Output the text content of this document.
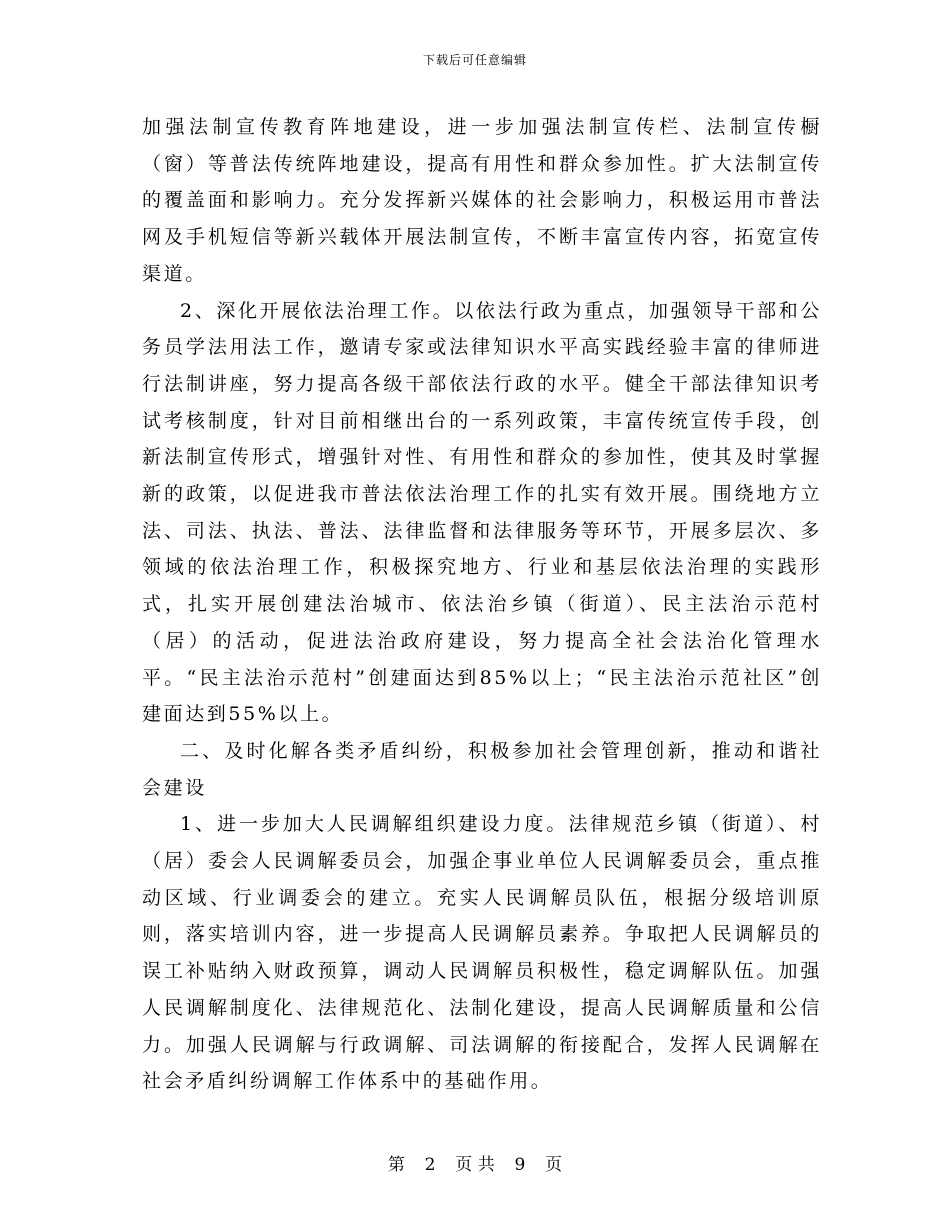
下载后可任意编辑

加强法制宣传教育阵地建设，进一步加强法制宣传栏、法制宣传橱（窗）等普法传统阵地建设，提高有用性和群众参加性。扩大法制宣传的覆盖面和影响力。充分发挥新兴媒体的社会影响力，积极运用市普法网及手机短信等新兴载体开展法制宣传，不断丰富宣传内容，拓宽宣传渠道。

2、深化开展依法治理工作。以依法行政为重点，加强领导干部和公务员学法用法工作，邀请专家或法律知识水平高实践经验丰富的律师进行法制讲座，努力提高各级干部依法行政的水平。健全干部法律知识考试考核制度，针对目前相继出台的一系列政策，丰富传统宣传手段，创新法制宣传形式，增强针对性、有用性和群众的参加性，使其及时掌握新的政策，以促进我市普法依法治理工作的扎实有效开展。围绕地方立法、司法、执法、普法、法律监督和法律服务等环节，开展多层次、多领域的依法治理工作，积极探究地方、行业和基层依法治理的实践形式，扎实开展创建法治城市、依法治乡镇（街道）、民主法治示范村（居）的活动，促进法治政府建设，努力提高全社会法治化管理水平。“民主法治示范村”创建面达到85%以上；“民主法治示范社区”创建面达到55%以上。

二、及时化解各类矛盾纠纷，积极参加社会管理创新，推动和谐社会建设

1、进一步加大人民调解组织建设力度。法律规范乡镇（街道）、村（居）委会人民调解委员会，加强企事业单位人民调解委员会，重点推动区域、行业调委会的建立。充实人民调解员队伍，根据分级培训原则，落实培训内容，进一步提高人民调解员素养。争取把人民调解员的误工补贴纳入财政预算，调动人民调解员积极性，稳定调解队伍。加强人民调解制度化、法律规范化、法制化建设，提高人民调解质量和公信力。加强人民调解与行政调解、司法调解的衔接配合，发挥人民调解在社会矛盾纠纷调解工作体系中的基础作用。

第 2 页 共 9 页
